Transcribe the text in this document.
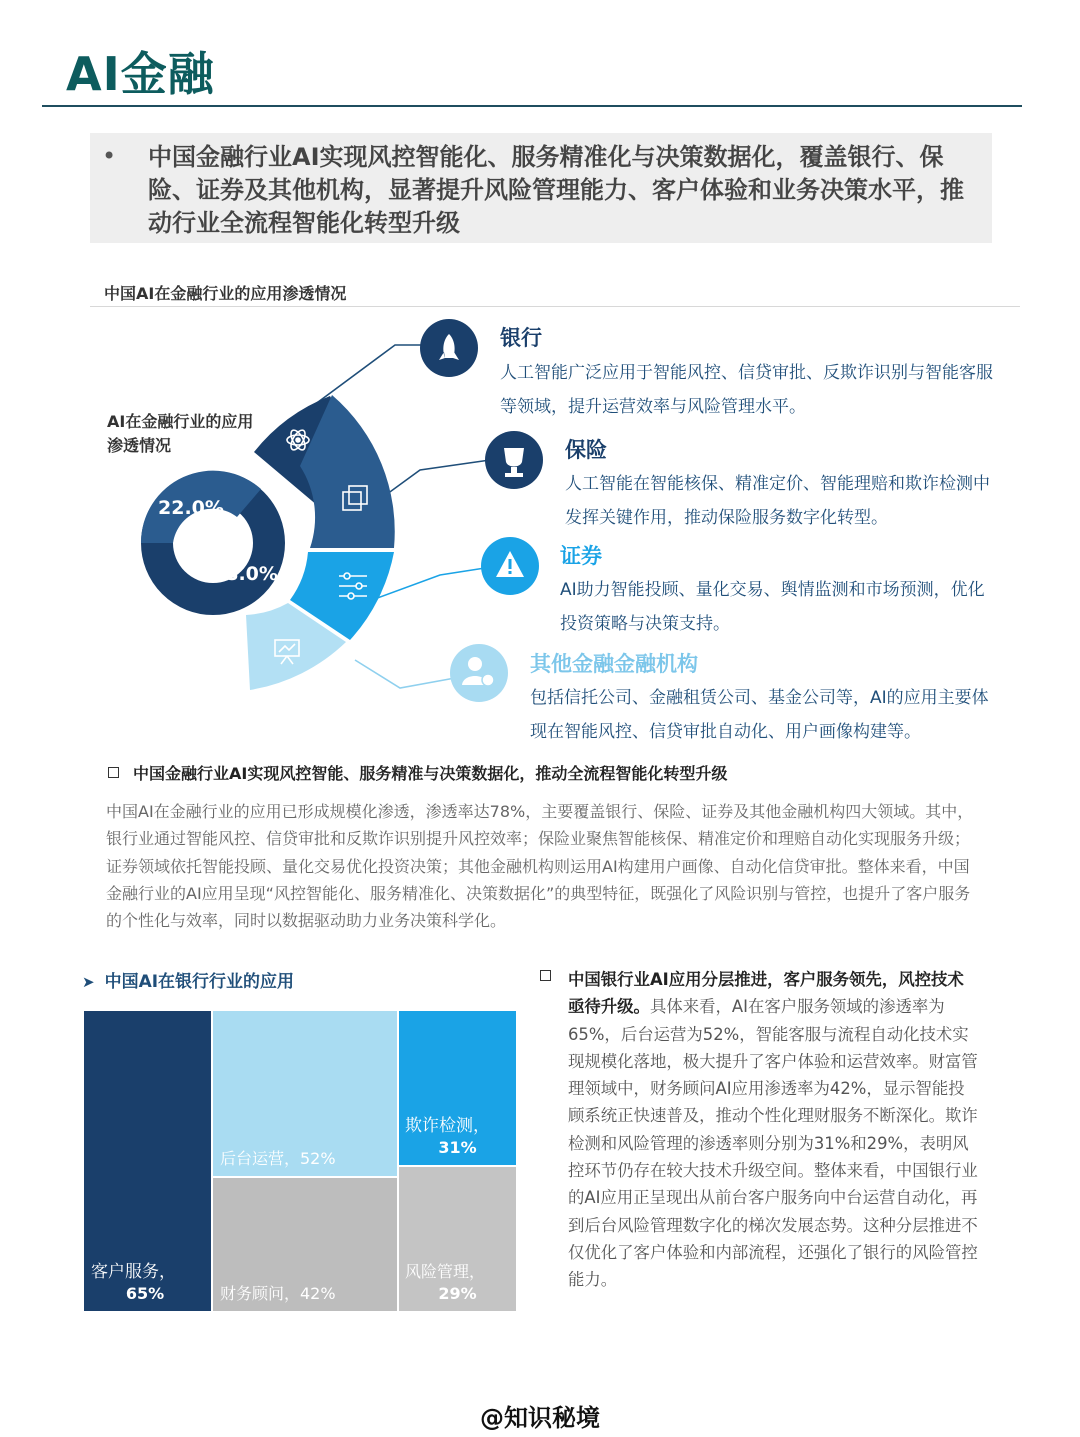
AI金融
• 中国金融行业AI实现风控智能化、服务精准化与决策数据化，覆盖银行、保险、证券及其他机构，显著提升风险管理能力、客户体验和业务决策水平，推动行业全流程智能化转型升级
中国AI在金融行业的应用渗透情况
AI在金融行业的应用渗透情况
22.0%
78.0%
银行
人工智能广泛应用于智能风控、信贷审批、反欺诈识别与智能客服等领域，提升运营效率与风险管理水平。
保险
人工智能在智能核保、精准定价、智能理赔和欺诈检测中发挥关键作用，推动保险服务数字化转型。
证券
AI助力智能投顾、量化交易、舆情监测和市场预测，优化投资策略与决策支持。
其他金融金融机构
包括信托公司、金融租赁公司、基金公司等，AI的应用主要体现在智能风控、信贷审批自动化、用户画像构建等。
中国金融行业AI实现风控智能、服务精准与决策数据化，推动全流程智能化转型升级
中国AI在金融行业的应用已形成规模化渗透，渗透率达78%，主要覆盖银行、保险、证券及其他金融机构四大领域。其中，银行业通过智能风控、信贷审批和反欺诈识别提升风控效率；保险业聚焦智能核保、精准定价和理赔自动化实现服务升级；证券领域依托智能投顾、量化交易优化投资决策；其他金融机构则运用AI构建用户画像、自动化信贷审批。整体来看，中国金融行业的AI应用呈现“风控智能化、服务精准化、决策数据化”的典型特征，既强化了风险识别与管控，也提升了客户服务的个性化与效率，同时以数据驱动助力业务决策科学化。
➤ 中国AI在银行行业的应用
客户服务，
65%
后台运营，52%
财务顾问，42%
欺诈检测，
31%
风险管理，
29%
中国银行业AI应用分层推进，客户服务领先，风控技术亟待升级。具体来看，AI在客户服务领域的渗透率为65%，后台运营为52%，智能客服与流程自动化技术实现规模化落地，极大提升了客户体验和运营效率。财富管理领域中，财务顾问AI应用渗透率为42%，显示智能投顾系统正快速普及，推动个性化理财服务不断深化。欺诈检测和风险管理的渗透率则分别为31%和29%，表明风控环节仍存在较大技术升级空间。整体来看，中国银行业的AI应用正呈现出从前台客户服务向中台运营自动化，再到后台风险管理数字化的梯次发展态势。这种分层推进不仅优化了客户体验和内部流程，还强化了银行的风险管控能力。
@知识秘境
